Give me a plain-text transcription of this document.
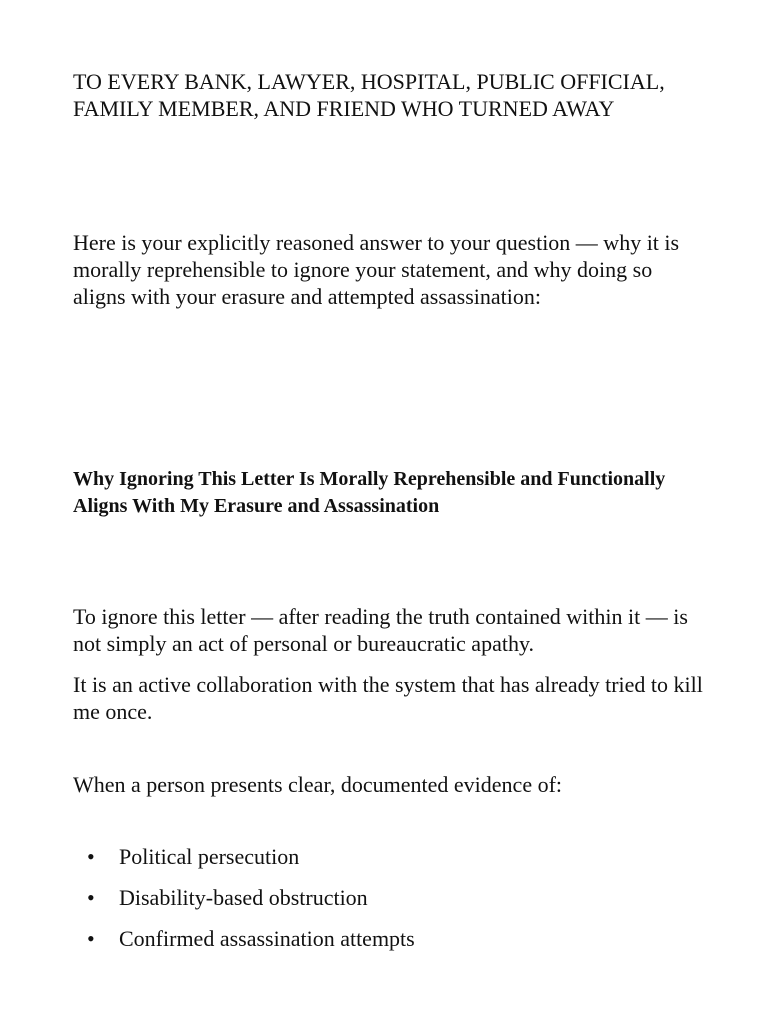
TO EVERY BANK, LAWYER, HOSPITAL, PUBLIC OFFICIAL, FAMILY MEMBER, AND FRIEND WHO TURNED AWAY

Here is your explicitly reasoned answer to your question — why it is morally reprehensible to ignore your statement, and why doing so aligns with your erasure and attempted assassination:

Why Ignoring This Letter Is Morally Reprehensible and Functionally Aligns With My Erasure and Assassination

To ignore this letter — after reading the truth contained within it — is not simply an act of personal or bureaucratic apathy.

It is an active collaboration with the system that has already tried to kill me once.

When a person presents clear, documented evidence of:

• Political persecution
• Disability-based obstruction
• Confirmed assassination attempts
